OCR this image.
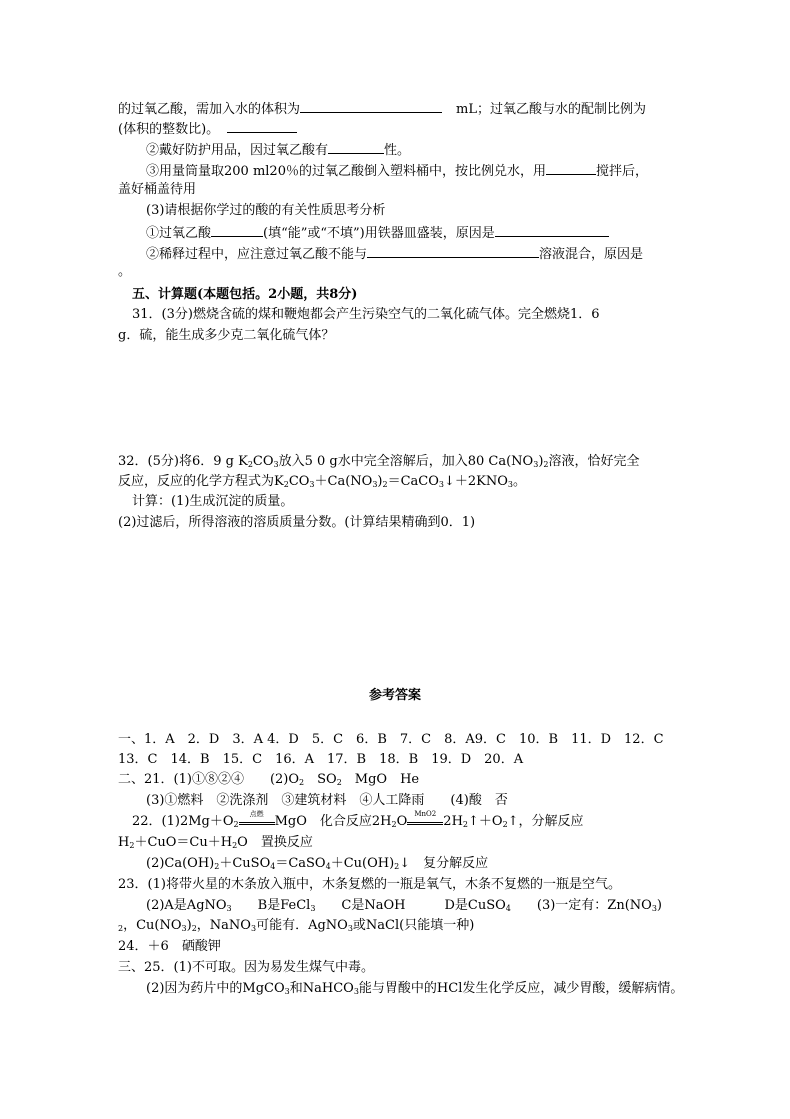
的过氧乙酸，需加入水的体积为	mL；过氧乙酸与水的配制比例为
(体积的整数比)。
②戴好防护用品，因过氧乙酸有	性。
③用量筒量取200 ml20％的过氧乙酸倒入塑料桶中，按比例兑水，用	搅拌后，
盖好桶盖待用
(3)请根据你学过的酸的有关性质思考分析
①过氧乙酸	(填“能”或“不填”)用铁器皿盛装，原因是
②稀释过程中，应注意过氧乙酸不能与	溶液混合，原因是
。
五、计算题(本题包括。2小题，共8分)
31．(3分)燃烧含硫的煤和鞭炮都会产生污染空气的二氧化硫气体。完全燃烧1．6
g．硫，能生成多少克二氧化硫气体？
32．(5分)将6．9 g $K_2CO_3$放入5 0 g水中完全溶解后，加入80 $Ca(NO_3)_2$溶液，恰好完全
反应，反应的化学方程式为$K_2CO_3+Ca(NO_3)_2=CaCO_3↓+2KNO_3$。
计算：(1)生成沉淀的质量。
(2)过滤后，所得溶液的溶质质量分数。(计算结果精确到0．1)
参考答案
一、1．A　2．D　3．A 4．D　5．C　6．B　7．C　8．A9．C　10．B　11．D　12．C
13．C　14．B　15．C　16．A　17．B　18．B　19．D　20．A
二、21．(1)①⑧②④　　$(2)O_2$　$SO_2$　MgO　He
(3)①燃料　②洗涤剂　③建筑材料　④人工降雨　　(4)酸　否
22．$(1)2Mg+O_2$
点燃 MgO　化合反应$2H_2O$	MnO2 $2H_2↑+O_2↑$，分解反应
$H_2+CuO=Cu+H_2O$　置换反应
$(2)Ca(OH)_2+CuSO_4=CaSO_4+Cu(OH)_2↓$　复分解反应
23．(1)将带火星的木条放入瓶中，木条复燃的一瓶是氧气，木条不复燃的一瓶是空气。
(2)A是AgNO$_3$　　B是FeCl$_3$　　C是NaOH　　　D是CuSO$_4$　　(3)一定有：$Zn(NO_3)$
$_2$，$Cu(NO_3)_2$，NaNO$_3$可能有．AgNO$_3$或NaCl(只能填一种)
24．＋6　硒酸钾
三、25．(1)不可取。因为易发生煤气中毒。
(2)因为药片中的MgCO$_3$和NaHCO$_3$能与胃酸中的HCl发生化学反应，减少胃酸，缓解病情。
